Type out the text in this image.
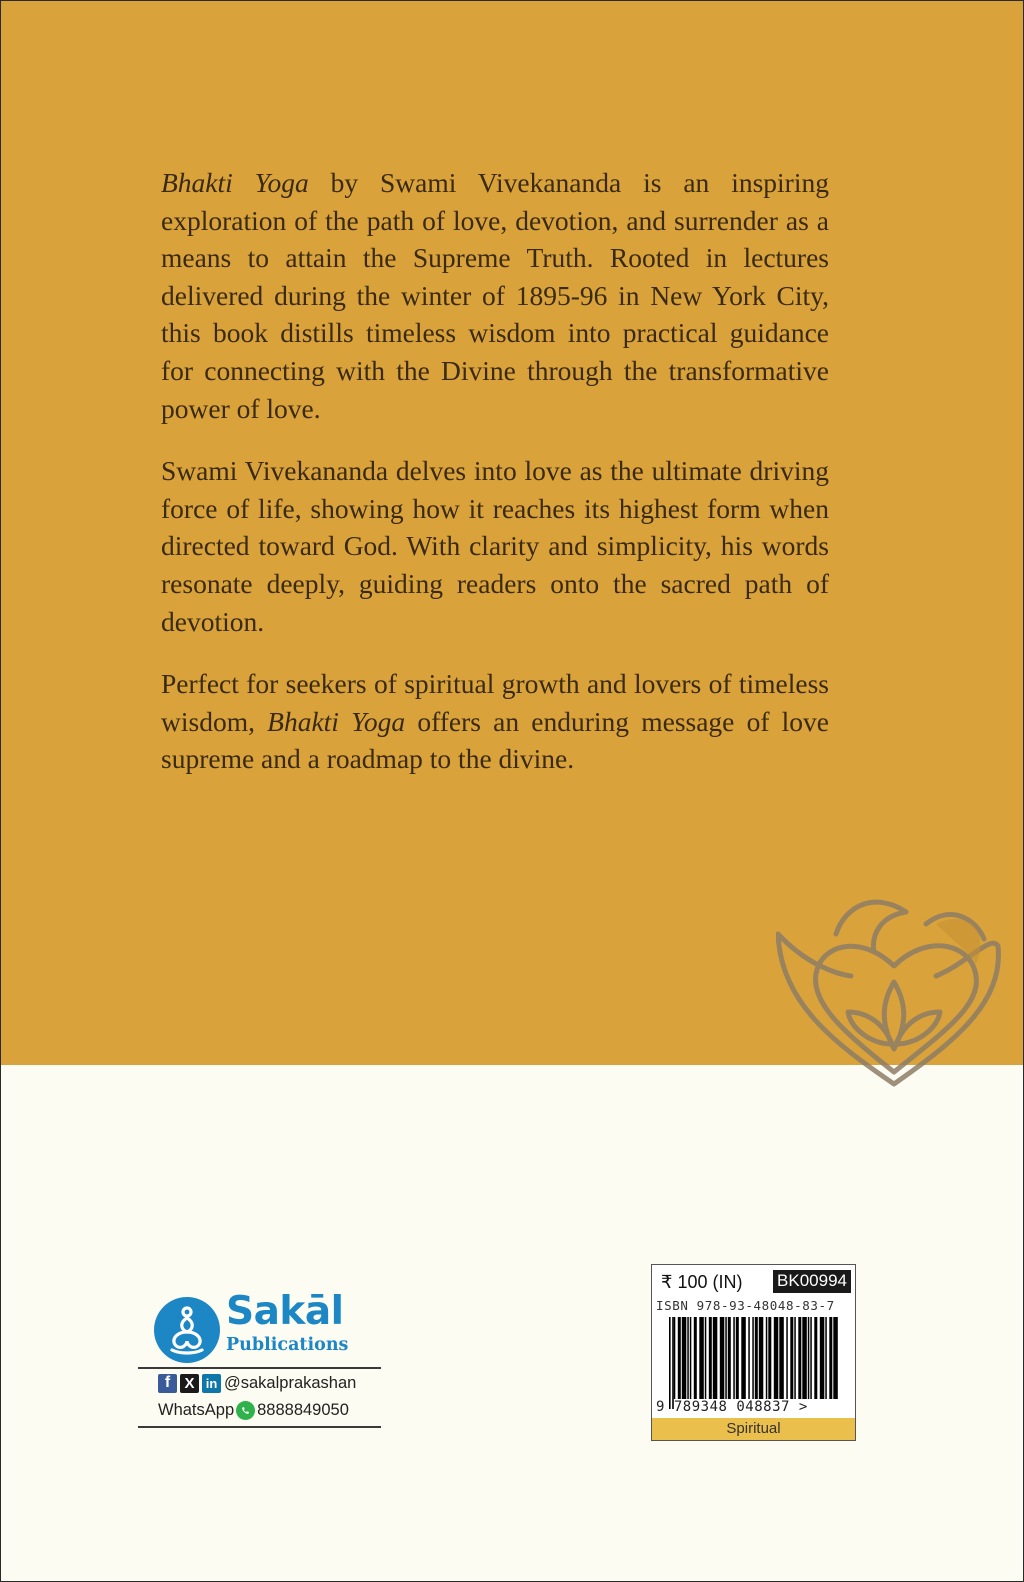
Bhakti Yoga by Swami Vivekananda is an inspiring exploration of the path of love, devotion, and surrender as a means to attain the Supreme Truth. Rooted in lectures delivered during the winter of 1895-96 in New York City, this book distills timeless wisdom into practical guidance for connecting with the Divine through the transformative power of love.

Swami Vivekananda delves into love as the ultimate driving force of life, showing how it reaches its highest form when directed toward God. With clarity and simplicity, his words resonate deeply, guiding readers onto the sacred path of devotion.

Perfect for seekers of spiritual growth and lovers of timeless wisdom, Bhakti Yoga offers an enduring message of love supreme and a roadmap to the divine.

Sakāl
Publications
f X in @sakalprakashan
WhatsApp 8888849050
₹ 100 (IN) BK00994
ISBN 978-93-48048-83-7
9 789348 048837 >
Spiritual
